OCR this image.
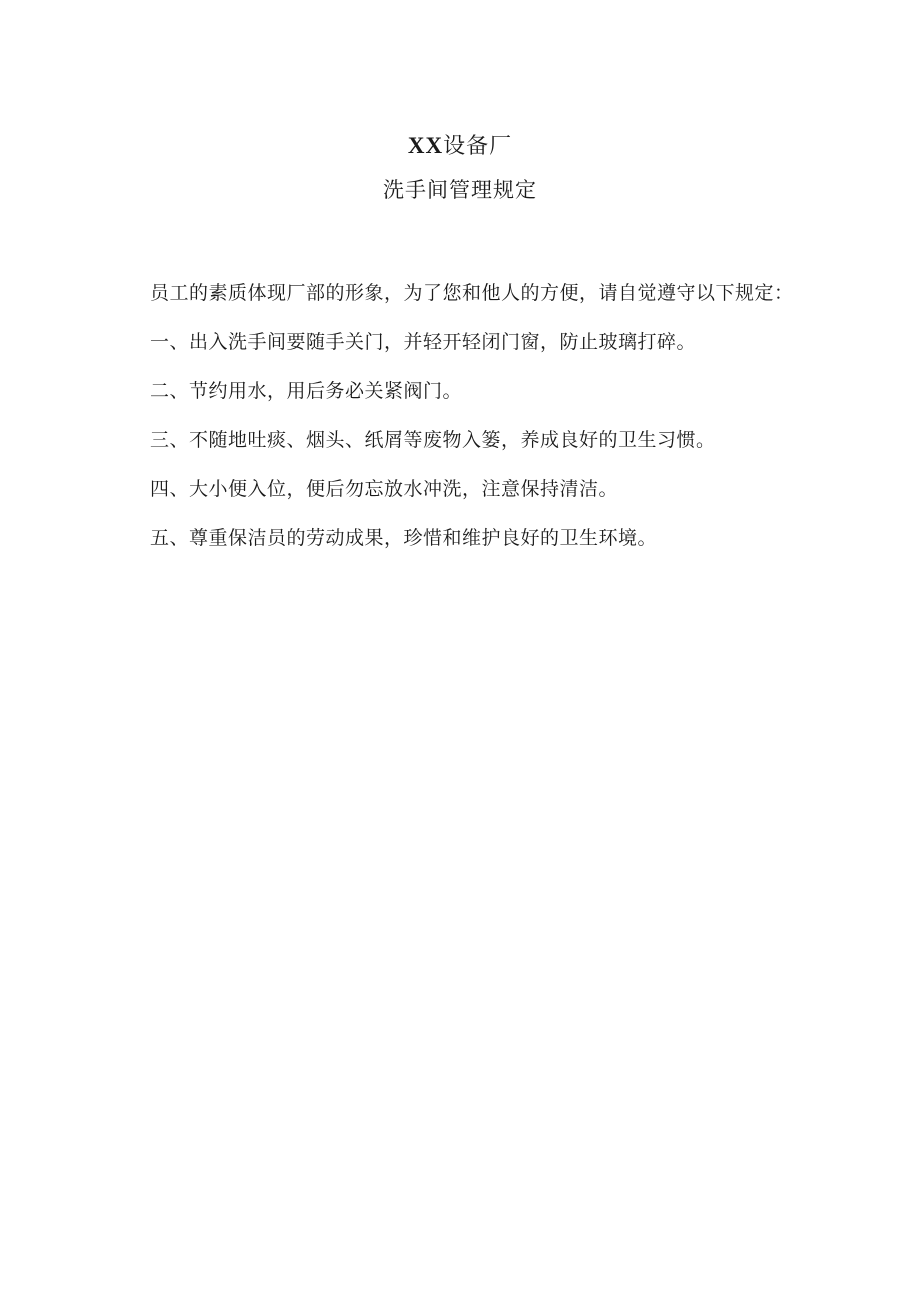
XX设备厂
洗手间管理规定

员工的素质体现厂部的形象，为了您和他人的方便，请自觉遵守以下规定：

一、出入洗手间要随手关门，并轻开轻闭门窗，防止玻璃打碎。
二、节约用水，用后务必关紧阀门。
三、不随地吐痰、烟头、纸屑等废物入篓，养成良好的卫生习惯。
四、大小便入位，便后勿忘放水冲洗，注意保持清洁。
五、尊重保洁员的劳动成果，珍惜和维护良好的卫生环境。
